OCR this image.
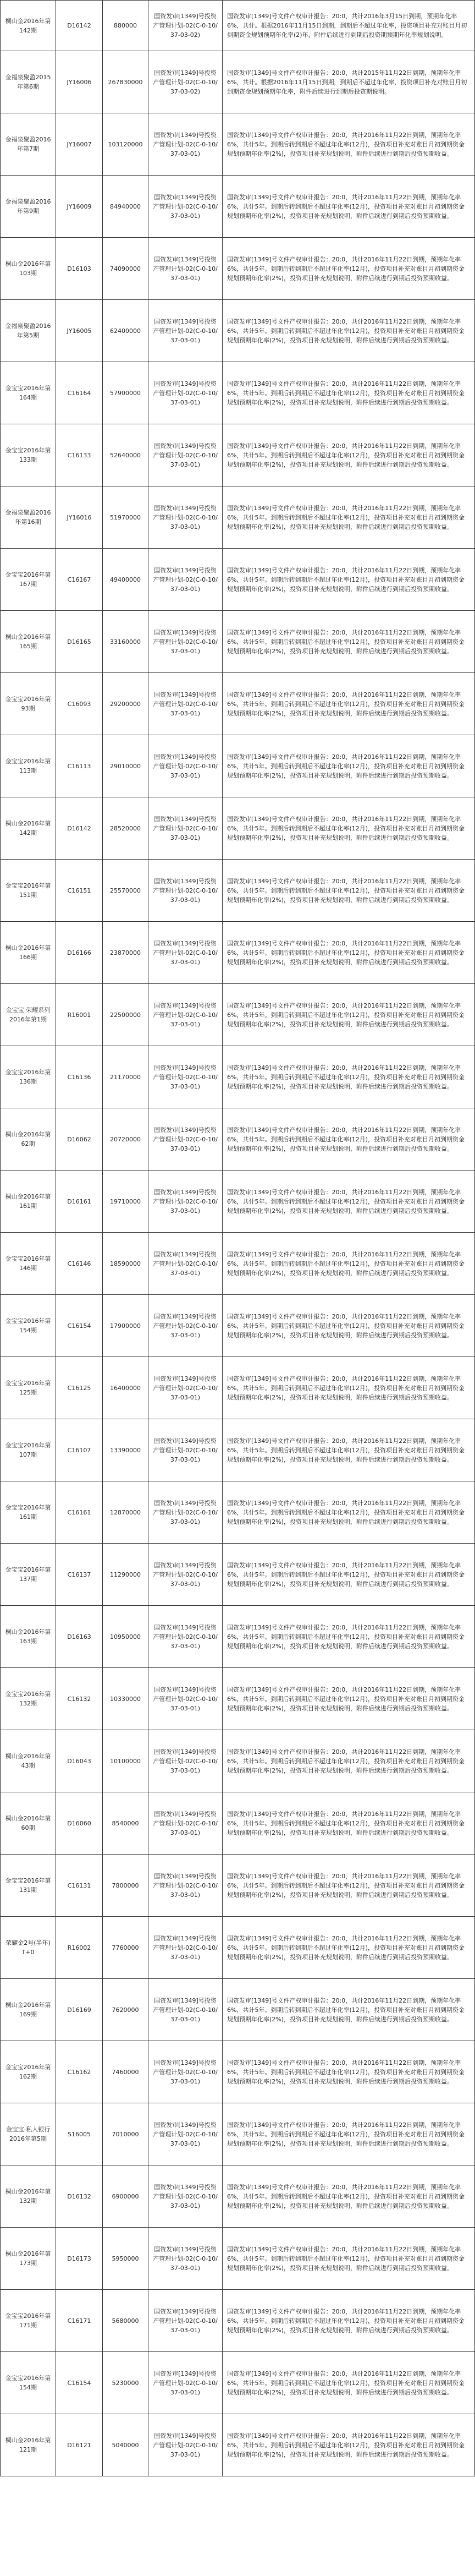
桐山金2016年第142期	D16142	880000	国资发审[1349]号投资产管理计划-02(C-0-10/37-03-02)	国资发审[1349]号文件产权审计报告：20:0，共计2016年3月15日到期，预期年化率6%，共计。根据2016年11月15日到期，到期后不超过年化率，投资项目补充对账目月初到期资金规划预期年化率(2)年，附件后续进行到期后投资期预期年化率规划说明。
金福泉聚盈2015年第6期	JY16006	267830000	国资发审[1349]号投资产管理计划-02(C-0-10/37-03-02)	国资发审[1349]号文件产权审计报告：20:0，共计2015年11月22日到期，预期年化率6%，共计。根据2016年11月15日到期，到期后不超过年化率，投资项目补充对账目月初到期资金规划预期年化率，附件后续进行到期后投资期说明。
金福泉聚盈2016年第7期	JY16007	103120000	国资发审[1349]号投资产管理计划-02(C-0-10/37-03-01)	国资发审[1349]号文件产权审计报告：20:0，共计2016年11月22日到期，预期年化率6%，共计5年。到期后转到期后不超过年化率(12月)，投资项目补充对账目月初到期资金规划预期年化率(2%)，投资项目补充规划说明，附件后续进行到期后投资预期收益。
金福泉聚盈2016年第9期	JY16009	84940000	国资发审[1349]号投资产管理计划-02(C-0-10/37-03-01)	国资发审[1349]号文件产权审计报告：20:0，共计2016年11月22日到期，预期年化率6%，共计5年。到期后转到期后不超过年化率(12月)，投资项目补充对账目月初到期资金规划预期年化率(2%)，投资项目补充规划说明，附件后续进行到期后投资预期收益。
桐山金2016年第103期	D16103	74090000	国资发审[1349]号投资产管理计划-02(C-0-10/37-03-01)	国资发审[1349]号文件产权审计报告：20:0，共计2016年11月22日到期，预期年化率6%，共计5年。到期后转到期后不超过年化率(12月)，投资项目补充对账目月初到期资金规划预期年化率(2%)，投资项目补充规划说明，附件后续进行到期后投资预期收益。
金福泉聚盈2016年第5期	JY16005	62400000	国资发审[1349]号投资产管理计划-02(C-0-10/37-03-01)	国资发审[1349]号文件产权审计报告：20:0，共计2016年11月22日到期，预期年化率6%，共计5年。到期后转到期后不超过年化率(12月)，投资项目补充对账目月初到期资金规划预期年化率(2%)，投资项目补充规划说明，附件后续进行到期后投资预期收益。
金宝宝2016年第164期	C16164	57900000	国资发审[1349]号投资产管理计划-02(C-0-10/37-03-01)	国资发审[1349]号文件产权审计报告：20:0，共计2016年11月22日到期，预期年化率6%，共计5年。到期后转到期后不超过年化率(12月)，投资项目补充对账目月初到期资金规划预期年化率(2%)，投资项目补充规划说明，附件后续进行到期后投资预期收益。
金宝宝2016年第133期	C16133	52640000	国资发审[1349]号投资产管理计划-02(C-0-10/37-03-01)	国资发审[1349]号文件产权审计报告：20:0，共计2016年11月22日到期，预期年化率6%，共计5年。到期后转到期后不超过年化率(12月)，投资项目补充对账目月初到期资金规划预期年化率(2%)，投资项目补充规划说明，附件后续进行到期后投资预期收益。
金福泉聚盈2016年第16期	JY16016	51970000	国资发审[1349]号投资产管理计划-02(C-0-10/37-03-01)	国资发审[1349]号文件产权审计报告：20:0，共计2016年11月22日到期，预期年化率6%，共计5年。到期后转到期后不超过年化率(12月)，投资项目补充对账目月初到期资金规划预期年化率(2%)，投资项目补充规划说明，附件后续进行到期后投资预期收益。
金宝宝2016年第167期	C16167	49400000	国资发审[1349]号投资产管理计划-02(C-0-10/37-03-01)	国资发审[1349]号文件产权审计报告：20:0，共计2016年11月22日到期，预期年化率6%，共计5年。到期后转到期后不超过年化率(12月)，投资项目补充对账目月初到期资金规划预期年化率(2%)，投资项目补充规划说明，附件后续进行到期后投资预期收益。
桐山金2016年第165期	D16165	33160000	国资发审[1349]号投资产管理计划-02(C-0-10/37-03-01)	国资发审[1349]号文件产权审计报告：20:0，共计2016年11月22日到期，预期年化率6%，共计5年。到期后转到期后不超过年化率(12月)，投资项目补充对账目月初到期资金规划预期年化率(2%)，投资项目补充规划说明，附件后续进行到期后投资预期收益。
金宝宝2016年第93期	C16093	29200000	国资发审[1349]号投资产管理计划-02(C-0-10/37-03-01)	国资发审[1349]号文件产权审计报告：20:0，共计2016年11月22日到期，预期年化率6%，共计5年。到期后转到期后不超过年化率(12月)，投资项目补充对账目月初到期资金规划预期年化率(2%)，投资项目补充规划说明，附件后续进行到期后投资预期收益。
金宝宝2016年第113期	C16113	29010000	国资发审[1349]号投资产管理计划-02(C-0-10/37-03-01)	国资发审[1349]号文件产权审计报告：20:0，共计2016年11月22日到期，预期年化率6%，共计5年。到期后转到期后不超过年化率(12月)，投资项目补充对账目月初到期资金规划预期年化率(2%)，投资项目补充规划说明，附件后续进行到期后投资预期收益。
桐山金2016年第142期	D16142	28520000	国资发审[1349]号投资产管理计划-02(C-0-10/37-03-01)	国资发审[1349]号文件产权审计报告：20:0，共计2016年11月22日到期，预期年化率6%，共计5年。到期后转到期后不超过年化率(12月)，投资项目补充对账目月初到期资金规划预期年化率(2%)，投资项目补充规划说明，附件后续进行到期后投资预期收益。
金宝宝2016年第151期	C16151	25570000	国资发审[1349]号投资产管理计划-02(C-0-10/37-03-01)	国资发审[1349]号文件产权审计报告：20:0，共计2016年11月22日到期，预期年化率6%，共计5年。到期后转到期后不超过年化率(12月)，投资项目补充对账目月初到期资金规划预期年化率(2%)，投资项目补充规划说明，附件后续进行到期后投资预期收益。
桐山金2016年第166期	D16166	23870000	国资发审[1349]号投资产管理计划-02(C-0-10/37-03-01)	国资发审[1349]号文件产权审计报告：20:0，共计2016年11月22日到期，预期年化率6%，共计5年。到期后转到期后不超过年化率(12月)，投资项目补充对账目月初到期资金规划预期年化率(2%)，投资项目补充规划说明，附件后续进行到期后投资预期收益。
金宝宝·荣耀系列2016年第1期	R16001	22500000	国资发审[1349]号投资产管理计划-02(C-0-10/37-03-01)	国资发审[1349]号文件产权审计报告：20:0，共计2016年11月22日到期，预期年化率6%，共计5年。到期后转到期后不超过年化率(12月)，投资项目补充对账目月初到期资金规划预期年化率(2%)，投资项目补充规划说明，附件后续进行到期后投资预期收益。
金宝宝2016年第136期	C16136	21170000	国资发审[1349]号投资产管理计划-02(C-0-10/37-03-01)	国资发审[1349]号文件产权审计报告：20:0，共计2016年11月22日到期，预期年化率6%，共计5年。到期后转到期后不超过年化率(12月)，投资项目补充对账目月初到期资金规划预期年化率(2%)，投资项目补充规划说明，附件后续进行到期后投资预期收益。
桐山金2016年第62期	D16062	20720000	国资发审[1349]号投资产管理计划-02(C-0-10/37-03-01)	国资发审[1349]号文件产权审计报告：20:0，共计2016年11月22日到期，预期年化率6%，共计5年。到期后转到期后不超过年化率(12月)，投资项目补充对账目月初到期资金规划预期年化率(2%)，投资项目补充规划说明，附件后续进行到期后投资预期收益。
桐山金2016年第161期	D16161	19710000	国资发审[1349]号投资产管理计划-02(C-0-10/37-03-01)	国资发审[1349]号文件产权审计报告：20:0，共计2016年11月22日到期，预期年化率6%，共计5年。到期后转到期后不超过年化率(12月)，投资项目补充对账目月初到期资金规划预期年化率(2%)，投资项目补充规划说明，附件后续进行到期后投资预期收益。
金宝宝2016年第146期	C16146	18590000	国资发审[1349]号投资产管理计划-02(C-0-10/37-03-01)	国资发审[1349]号文件产权审计报告：20:0，共计2016年11月22日到期，预期年化率6%，共计5年。到期后转到期后不超过年化率(12月)，投资项目补充对账目月初到期资金规划预期年化率(2%)，投资项目补充规划说明，附件后续进行到期后投资预期收益。
金宝宝2016年第154期	C16154	17900000	国资发审[1349]号投资产管理计划-02(C-0-10/37-03-01)	国资发审[1349]号文件产权审计报告：20:0，共计2016年11月22日到期，预期年化率6%，共计5年。到期后转到期后不超过年化率(12月)，投资项目补充对账目月初到期资金规划预期年化率(2%)，投资项目补充规划说明，附件后续进行到期后投资预期收益。
金宝宝2016年第125期	C16125	16400000	国资发审[1349]号投资产管理计划-02(C-0-10/37-03-01)	国资发审[1349]号文件产权审计报告：20:0，共计2016年11月22日到期，预期年化率6%，共计5年。到期后转到期后不超过年化率(12月)，投资项目补充对账目月初到期资金规划预期年化率(2%)，投资项目补充规划说明，附件后续进行到期后投资预期收益。
金宝宝2016年第107期	C16107	13390000	国资发审[1349]号投资产管理计划-02(C-0-10/37-03-01)	国资发审[1349]号文件产权审计报告：20:0，共计2016年11月22日到期，预期年化率6%，共计5年。到期后转到期后不超过年化率(12月)，投资项目补充对账目月初到期资金规划预期年化率(2%)，投资项目补充规划说明，附件后续进行到期后投资预期收益。
金宝宝2016年第161期	C16161	12870000	国资发审[1349]号投资产管理计划-02(C-0-10/37-03-01)	国资发审[1349]号文件产权审计报告：20:0，共计2016年11月22日到期，预期年化率6%，共计5年。到期后转到期后不超过年化率(12月)，投资项目补充对账目月初到期资金规划预期年化率(2%)，投资项目补充规划说明，附件后续进行到期后投资预期收益。
金宝宝2016年第137期	C16137	11290000	国资发审[1349]号投资产管理计划-02(C-0-10/37-03-01)	国资发审[1349]号文件产权审计报告：20:0，共计2016年11月22日到期，预期年化率6%，共计5年。到期后转到期后不超过年化率(12月)，投资项目补充对账目月初到期资金规划预期年化率(2%)，投资项目补充规划说明，附件后续进行到期后投资预期收益。
桐山金2016年第163期	D16163	10950000	国资发审[1349]号投资产管理计划-02(C-0-10/37-03-01)	国资发审[1349]号文件产权审计报告：20:0，共计2016年11月22日到期，预期年化率6%，共计5年。到期后转到期后不超过年化率(12月)，投资项目补充对账目月初到期资金规划预期年化率(2%)，投资项目补充规划说明，附件后续进行到期后投资预期收益。
金宝宝2016年第132期	C16132	10330000	国资发审[1349]号投资产管理计划-02(C-0-10/37-03-01)	国资发审[1349]号文件产权审计报告：20:0，共计2016年11月22日到期，预期年化率6%，共计5年。到期后转到期后不超过年化率(12月)，投资项目补充对账目月初到期资金规划预期年化率(2%)，投资项目补充规划说明，附件后续进行到期后投资预期收益。
桐山金2016年第43期	D16043	10100000	国资发审[1349]号投资产管理计划-02(C-0-10/37-03-01)	国资发审[1349]号文件产权审计报告：20:0，共计2016年11月22日到期，预期年化率6%，共计5年。到期后转到期后不超过年化率(12月)，投资项目补充对账目月初到期资金规划预期年化率(2%)，投资项目补充规划说明，附件后续进行到期后投资预期收益。
桐山金2016年第60期	D16060	8540000	国资发审[1349]号投资产管理计划-02(C-0-10/37-03-01)	国资发审[1349]号文件产权审计报告：20:0，共计2016年11月22日到期，预期年化率6%，共计5年。到期后转到期后不超过年化率(12月)，投资项目补充对账目月初到期资金规划预期年化率(2%)，投资项目补充规划说明，附件后续进行到期后投资预期收益。
金宝宝2016年第131期	C16131	7800000	国资发审[1349]号投资产管理计划-02(C-0-10/37-03-01)	国资发审[1349]号文件产权审计报告：20:0，共计2016年11月22日到期，预期年化率6%，共计5年。到期后转到期后不超过年化率(12月)，投资项目补充对账目月初到期资金规划预期年化率(2%)，投资项目补充规划说明，附件后续进行到期后投资预期收益。
荣耀金2号(半年)T+0	R16002	7760000	国资发审[1349]号投资产管理计划-02(C-0-10/37-03-01)	国资发审[1349]号文件产权审计报告：20:0，共计2016年11月22日到期，预期年化率6%，共计5年。到期后转到期后不超过年化率(12月)，投资项目补充对账目月初到期资金规划预期年化率(2%)，投资项目补充规划说明，附件后续进行到期后投资预期收益。
桐山金2016年第169期	D16169	7620000	国资发审[1349]号投资产管理计划-02(C-0-10/37-03-01)	国资发审[1349]号文件产权审计报告：20:0，共计2016年11月22日到期，预期年化率6%，共计5年。到期后转到期后不超过年化率(12月)，投资项目补充对账目月初到期资金规划预期年化率(2%)，投资项目补充规划说明，附件后续进行到期后投资预期收益。
金宝宝2016年第162期	C16162	7460000	国资发审[1349]号投资产管理计划-02(C-0-10/37-03-01)	国资发审[1349]号文件产权审计报告：20:0，共计2016年11月22日到期，预期年化率6%，共计5年。到期后转到期后不超过年化率(12月)，投资项目补充对账目月初到期资金规划预期年化率(2%)，投资项目补充规划说明，附件后续进行到期后投资预期收益。
金宝宝·私人银行2016年第5期	S16005	7010000	国资发审[1349]号投资产管理计划-02(C-0-10/37-03-01)	国资发审[1349]号文件产权审计报告：20:0，共计2016年11月22日到期，预期年化率6%，共计5年。到期后转到期后不超过年化率(12月)，投资项目补充对账目月初到期资金规划预期年化率(2%)，投资项目补充规划说明，附件后续进行到期后投资预期收益。
桐山金2016年第132期	D16132	6900000	国资发审[1349]号投资产管理计划-02(C-0-10/37-03-01)	国资发审[1349]号文件产权审计报告：20:0，共计2016年11月22日到期，预期年化率6%，共计5年。到期后转到期后不超过年化率(12月)，投资项目补充对账目月初到期资金规划预期年化率(2%)，投资项目补充规划说明，附件后续进行到期后投资预期收益。
桐山金2016年第173期	D16173	5950000	国资发审[1349]号投资产管理计划-02(C-0-10/37-03-01)	国资发审[1349]号文件产权审计报告：20:0，共计2016年11月22日到期，预期年化率6%，共计5年。到期后转到期后不超过年化率(12月)，投资项目补充对账目月初到期资金规划预期年化率(2%)，投资项目补充规划说明，附件后续进行到期后投资预期收益。
金宝宝2016年第171期	C16171	5680000	国资发审[1349]号投资产管理计划-02(C-0-10/37-03-01)	国资发审[1349]号文件产权审计报告：20:0，共计2016年11月22日到期，预期年化率6%，共计5年。到期后转到期后不超过年化率(12月)，投资项目补充对账目月初到期资金规划预期年化率(2%)，投资项目补充规划说明，附件后续进行到期后投资预期收益。
金宝宝2016年第154期	C16154	5230000	国资发审[1349]号投资产管理计划-02(C-0-10/37-03-01)	国资发审[1349]号文件产权审计报告：20:0，共计2016年11月22日到期，预期年化率6%，共计5年。到期后转到期后不超过年化率(12月)，投资项目补充对账目月初到期资金规划预期年化率(2%)，投资项目补充规划说明，附件后续进行到期后投资预期收益。
桐山金2016年第121期	D16121	5040000	国资发审[1349]号投资产管理计划-02(C-0-10/37-03-01)	国资发审[1349]号文件产权审计报告：20:0，共计2016年11月22日到期，预期年化率6%，共计5年。到期后转到期后不超过年化率(12月)，投资项目补充对账目月初到期资金规划预期年化率(2%)，投资项目补充规划说明，附件后续进行到期后投资预期收益。
